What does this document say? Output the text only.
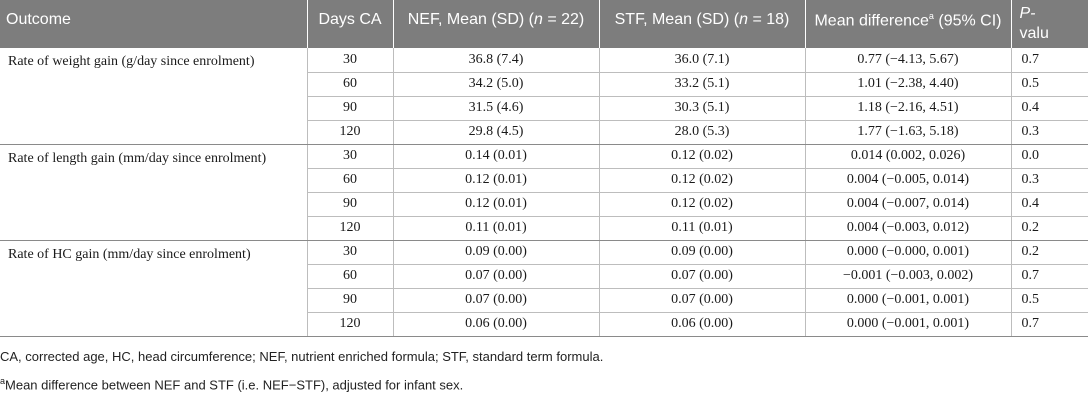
Outcome	Days CA	NEF, Mean (SD) (n = 22)	STF, Mean (SD) (n = 18)	Mean difference$^a$ (95% CI)	P-
valu
Rate of weight gain (g/day since enrolment)	30	36.8 (7.4)	36.0 (7.1)	0.77 (−4.13, 5.67)	0.7
	60	34.2 (5.0)	33.2 (5.1)	1.01 (−2.38, 4.40)	0.5
	90	31.5 (4.6)	30.3 (5.1)	1.18 (−2.16, 4.51)	0.4
	120	29.8 (4.5)	28.0 (5.3)	1.77 (−1.63, 5.18)	0.3
Rate of length gain (mm/day since enrolment)	30	0.14 (0.01)	0.12 (0.02)	0.014 (0.002, 0.026)	0.0
	60	0.12 (0.01)	0.12 (0.02)	0.004 (−0.005, 0.014)	0.3
	90	0.12 (0.01)	0.12 (0.02)	0.004 (−0.007, 0.014)	0.4
	120	0.11 (0.01)	0.11 (0.01)	0.004 (−0.003, 0.012)	0.2
Rate of HC gain (mm/day since enrolment)	30	0.09 (0.00)	0.09 (0.00)	0.000 (−0.000, 0.001)	0.2
	60	0.07 (0.00)	0.07 (0.00)	−0.001 (−0.003, 0.002)	0.7
	90	0.07 (0.00)	0.07 (0.00)	0.000 (−0.001, 0.001)	0.5
	120	0.06 (0.00)	0.06 (0.00)	0.000 (−0.001, 0.001)	0.7

CA, corrected age, HC, head circumference; NEF, nutrient enriched formula; STF, standard term formula.

$^a$Mean difference between NEF and STF (i.e. NEF−STF), adjusted for infant sex.
